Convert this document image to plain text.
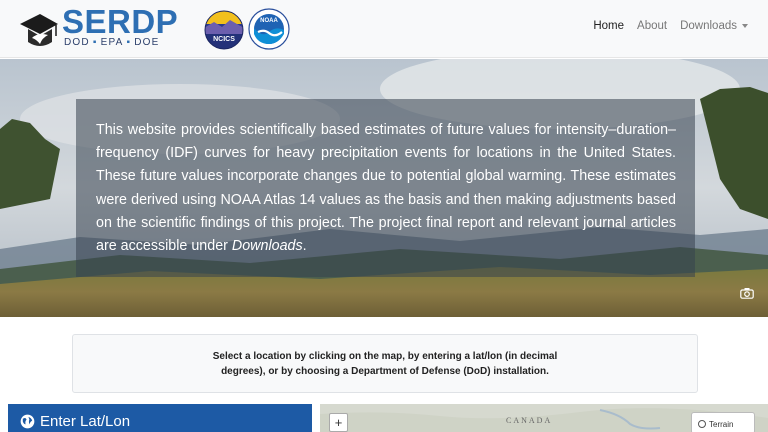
SERDP
DOD ▪ EPA ▪ DOE	NCICS
NOAA	Home About Downloads

This website provides scientifically based estimates of future values for intensity–duration–frequency (IDF) curves for heavy precipitation events for locations in the United States. These future values incorporate changes due to potential global warming. These estimates were derived using NOAA Atlas 14 values as the basis and then making adjustments based on the scientific findings of this project. The project final report and relevant journal articles are accessible under Downloads.

Select a location by clicking on the map, by entering a lat/lon (in decimal degrees), or by choosing a Department of Defense (DoD) installation.
Enter Lat/Lon	+	CANADA	Terrain
